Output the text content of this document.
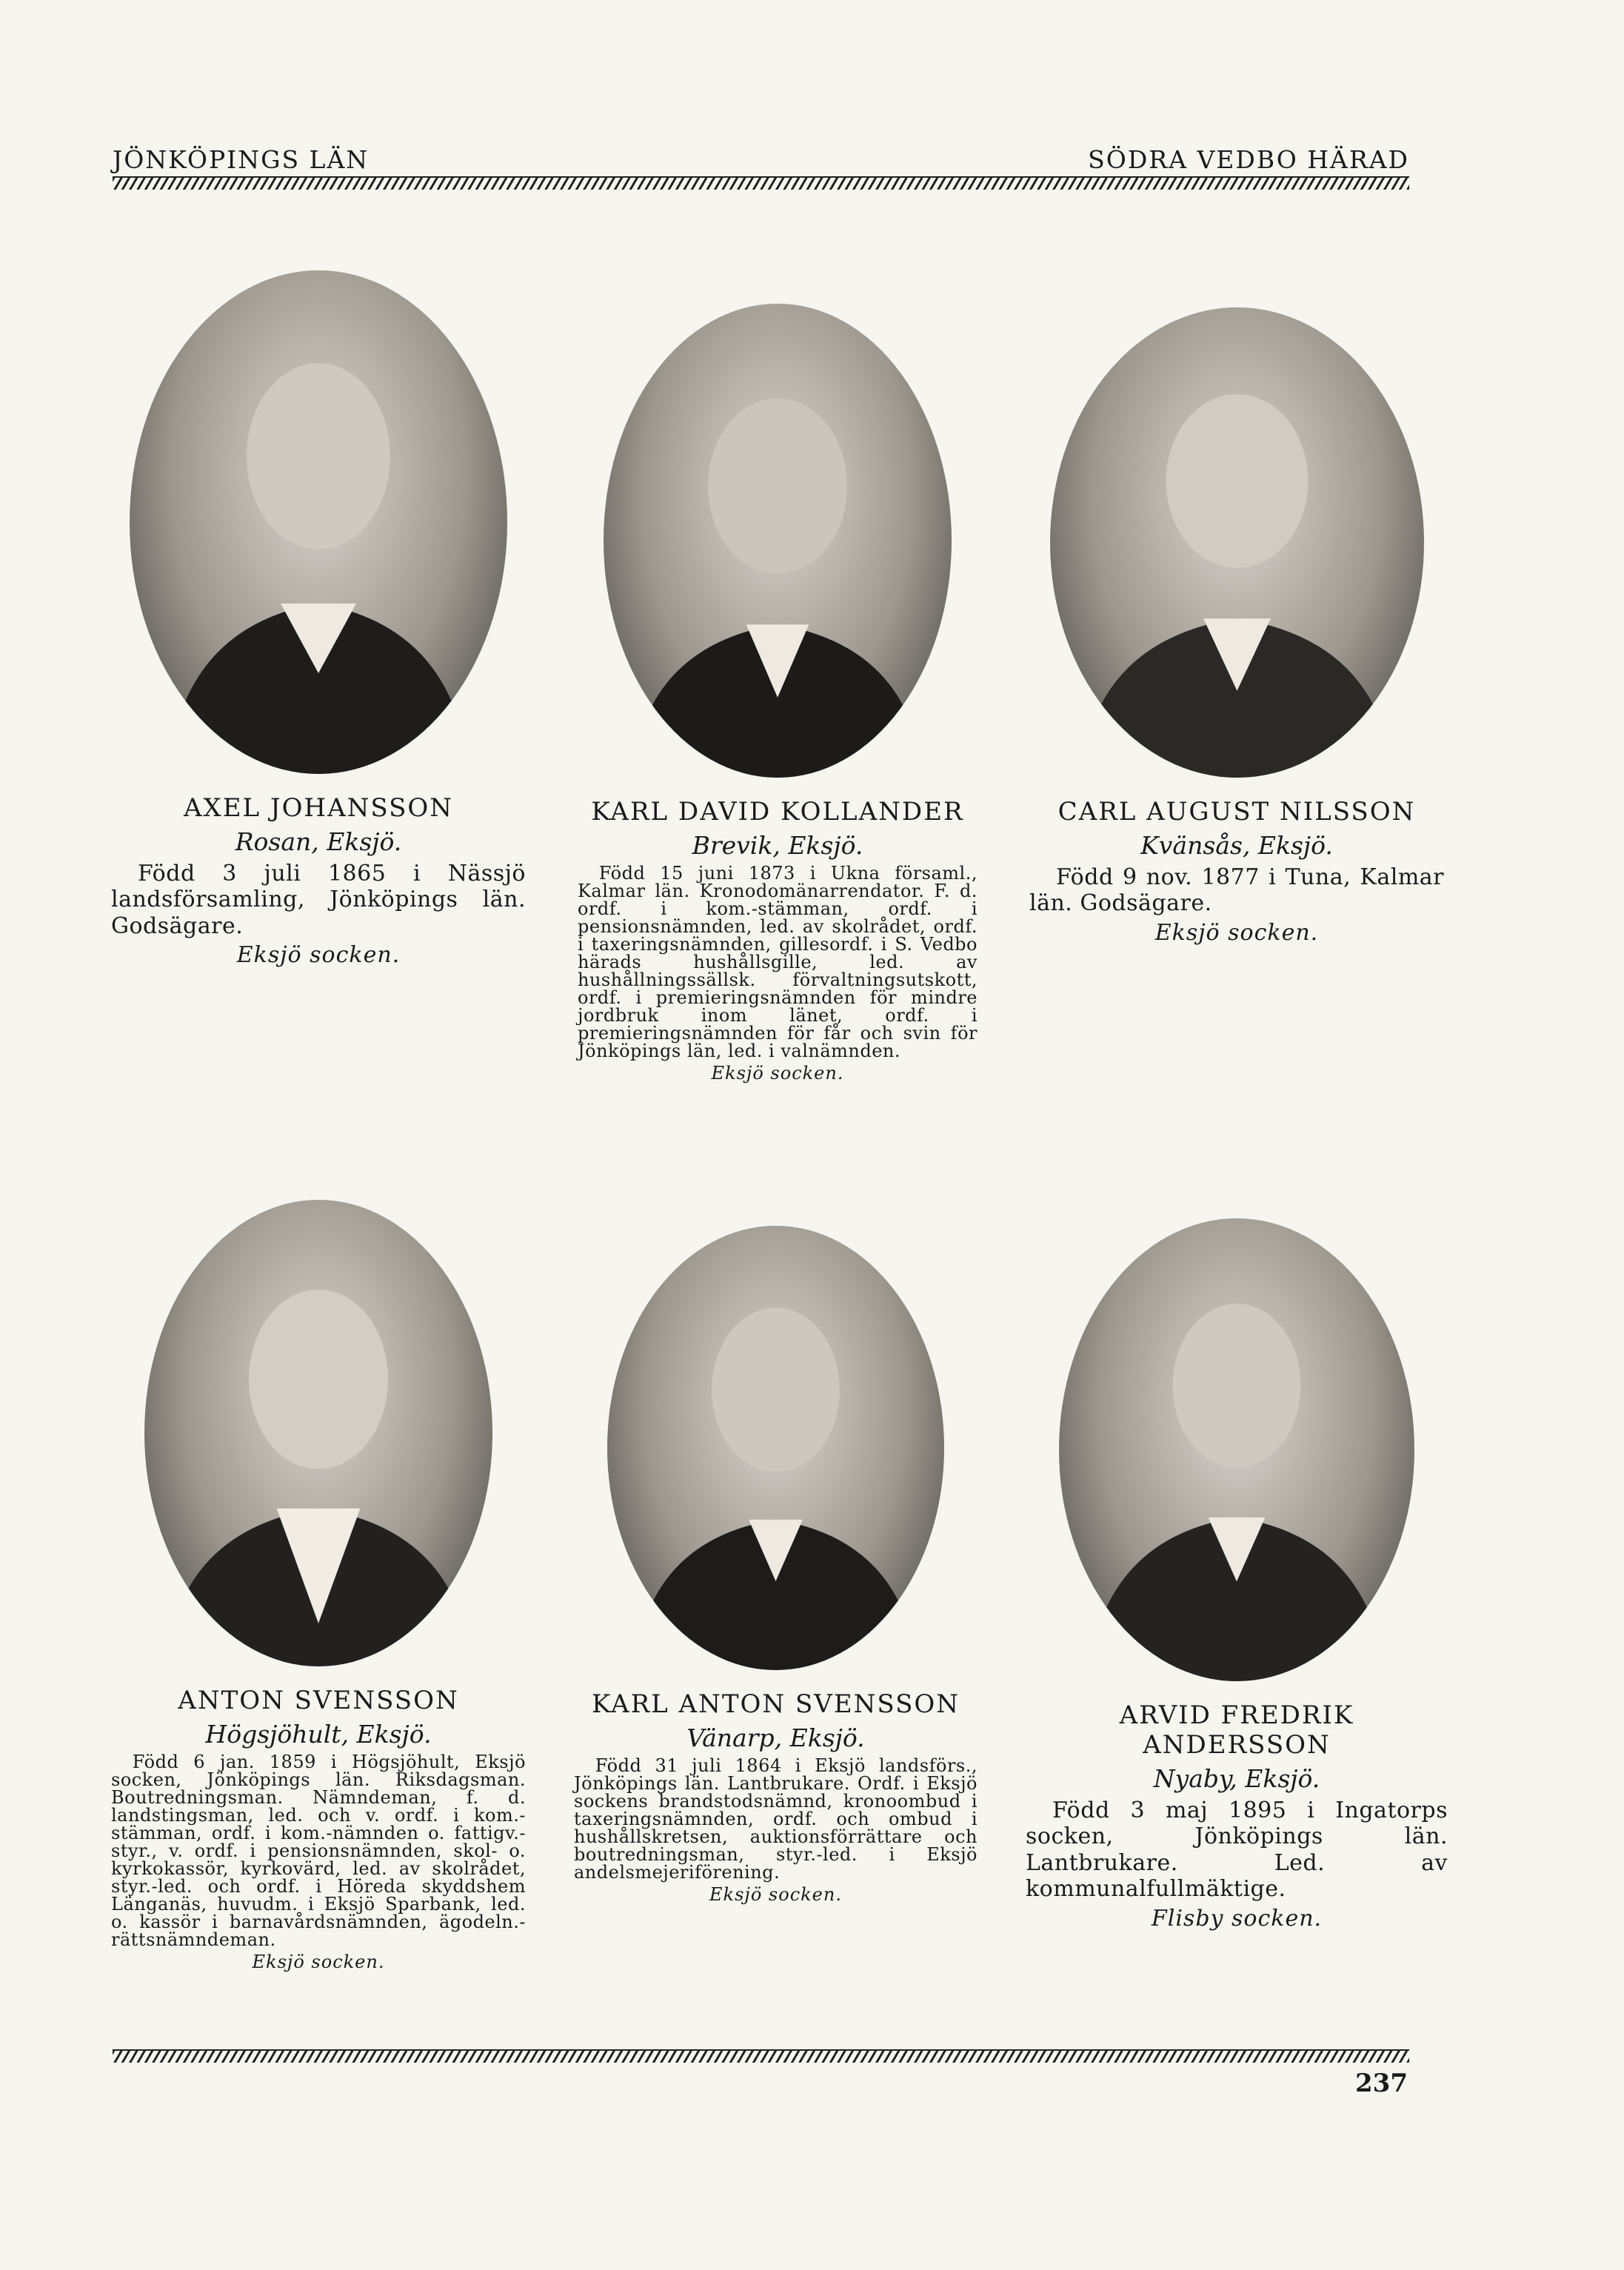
JÖNKÖPINGS LÄN	SÖDRA VEDBO HÄRAD
AXEL JOHANSSON
Rosan, Eksjö.
Född 3 juli 1865 i Nässjö landsförsamling, Jönköpings län. Godsägare.
Eksjö socken.
KARL DAVID KOLLANDER
Brevik, Eksjö.
Född 15 juni 1873 i Ukna församl., Kalmar län. Kronodomänarrendator. F. d. ordf. i kom.-stämman, ordf. i pensionsnämnden, led. av skolrådet, ordf. i taxeringsnämnden, gillesordf. i S. Vedbo härads hushållsgille, led. av hushållningssällsk. förvaltningsutskott, ordf. i premieringsnämnden för mindre jordbruk inom länet, ordf. i premieringsnämnden för får och svin för Jönköpings län, led. i valnämnden.
Eksjö socken.
CARL AUGUST NILSSON
Kvänsås, Eksjö.
Född 9 nov. 1877 i Tuna, Kalmar län. Godsägare.
Eksjö socken.
ANTON SVENSSON
Högsjöhult, Eksjö.
Född 6 jan. 1859 i Högsjöhult, Eksjö socken, Jönköpings län. Riksdagsman. Boutredningsman. Nämndeman, f. d. landstingsman, led. och v. ordf. i kom.-stämman, ordf. i kom.-nämnden o. fattigv.-styr., v. ordf. i pensionsnämnden, skol- o. kyrkokassör, kyrkovärd, led. av skolrådet, styr.-led. och ordf. i Höreda skyddshem Länganäs, huvudm. i Eksjö Sparbank, led. o. kassör i barnavårdsnämnden, ägodeln.-rättsnämndeman.
Eksjö socken.
KARL ANTON SVENSSON
Vänarp, Eksjö.
Född 31 juli 1864 i Eksjö landsförs., Jönköpings län. Lantbrukare. Ordf. i Eksjö sockens brandstodsnämnd, kronoombud i taxeringsnämnden, ordf. och ombud i hushållskretsen, auktionsförrättare och boutredningsman, styr.-led. i Eksjö andelsmejeriförening.
Eksjö socken.
ARVID FREDRIK ANDERSSON
Nyaby, Eksjö.
Född 3 maj 1895 i Ingatorps socken, Jönköpings län. Lantbrukare. Led. av kommunalfullmäktige.
Flisby socken.
237
